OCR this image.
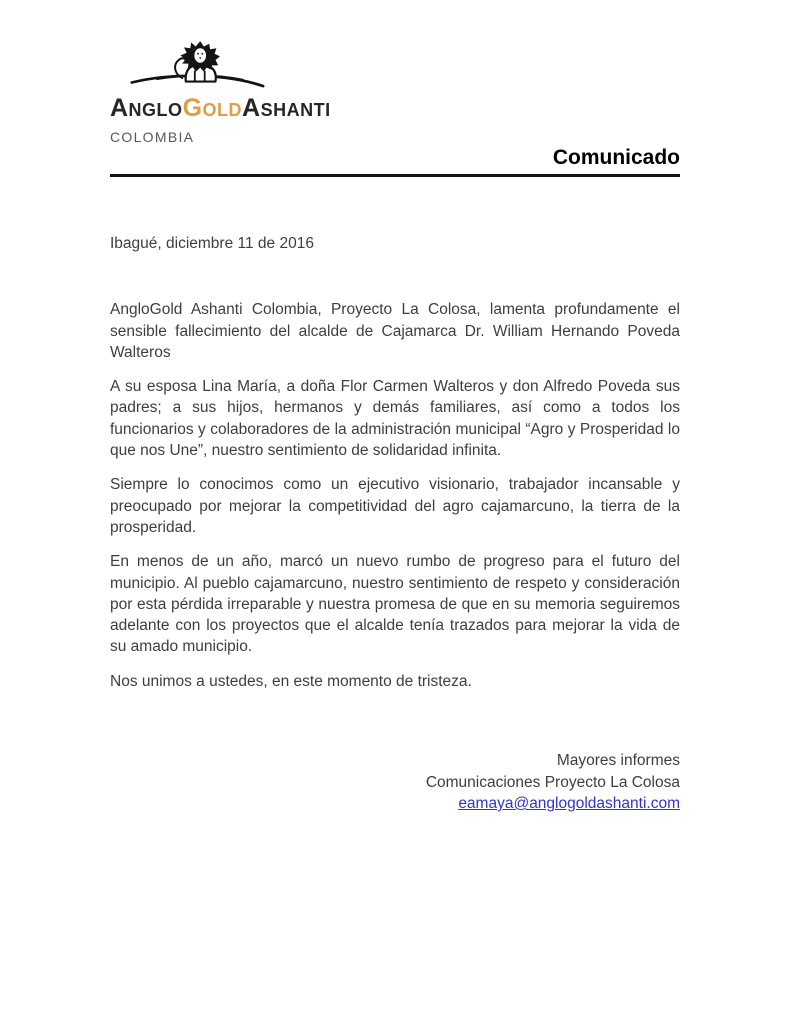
AngloGoldAshanti
COLOMBIA
Comunicado

Ibagué, diciembre 11 de 2016

AngloGold Ashanti Colombia, Proyecto La Colosa, lamenta profundamente el sensible fallecimiento del alcalde de Cajamarca Dr. William Hernando Poveda Walteros

A su esposa Lina María, a doña Flor Carmen Walteros y don Alfredo Poveda sus padres; a sus hijos, hermanos y demás familiares, así como a todos los funcionarios y colaboradores de la administración municipal “Agro y Prosperidad lo que nos Une”, nuestro sentimiento de solidaridad infinita.

Siempre lo conocimos como un ejecutivo visionario, trabajador incansable y preocupado por mejorar la competitividad del agro cajamarcuno, la tierra de la prosperidad.

En menos de un año, marcó un nuevo rumbo de progreso para el futuro del municipio. Al pueblo cajamarcuno, nuestro sentimiento de respeto y consideración por esta pérdida irreparable y nuestra promesa de que en su memoria seguiremos adelante con los proyectos que el alcalde tenía trazados para mejorar la vida de su amado municipio.

Nos unimos a ustedes, en este momento de tristeza.

Mayores informes
Comunicaciones Proyecto La Colosa
eamaya@anglogoldashanti.com
